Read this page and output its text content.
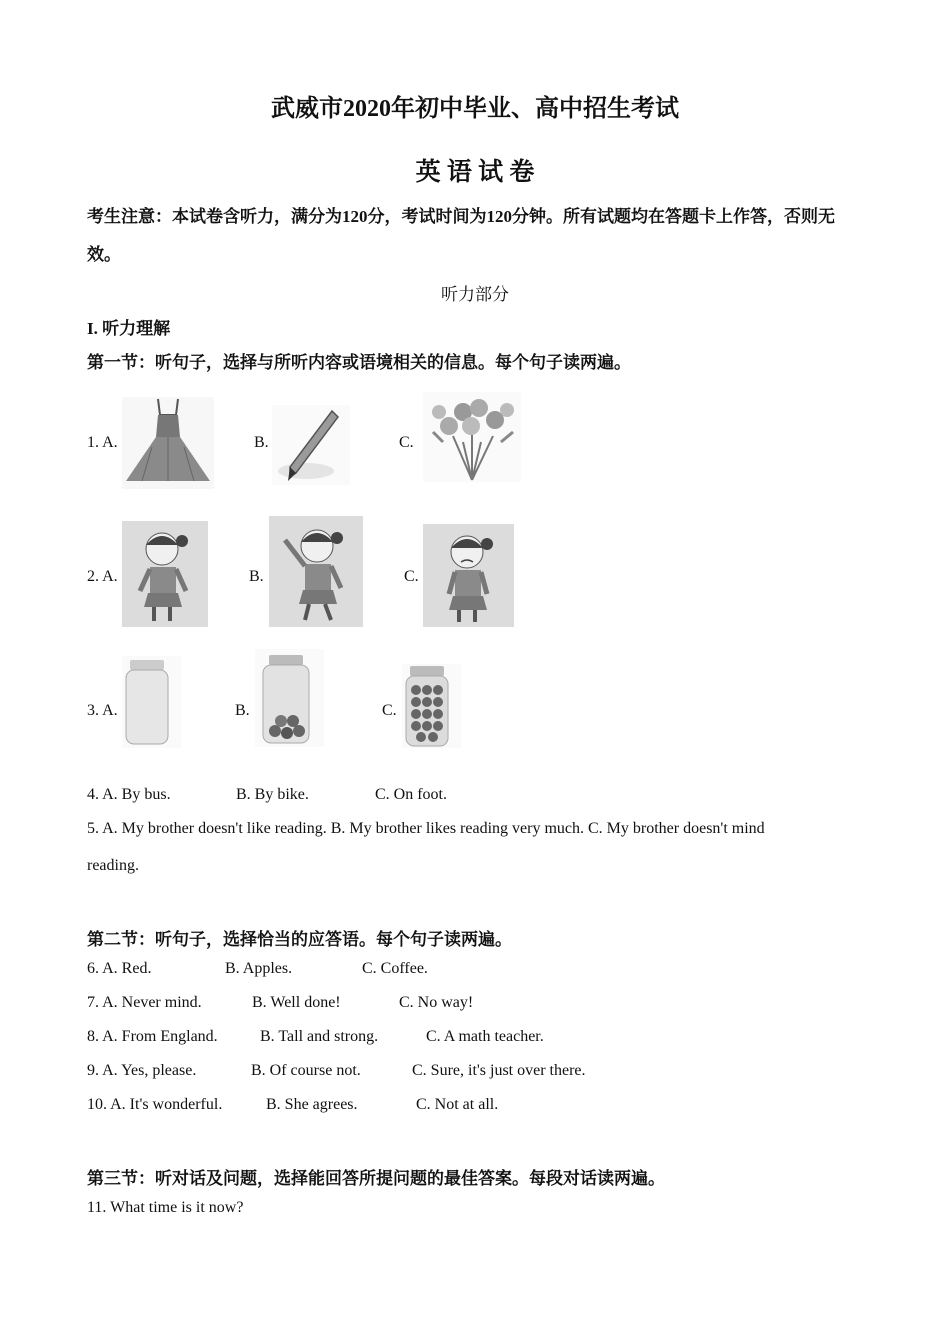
武威市2020年初中毕业、高中招生考试
英 语 试 卷
考生注意：本试卷含听力，满分为120分，考试时间为120分钟。所有试题均在答题卡上作答，否则无效。
听力部分
I. 听力理解
第一节：听句子，选择与所听内容或语境相关的信息。每个句子读两遍。
1. A.	B.	C.
2. A.	B.	C.
3. A.	B.	C.
4. A. By bus.	B. By bike.	C. On foot.
5. A. My brother doesn't like reading. B. My brother likes reading very much. C. My brother doesn't mind
reading.
第二节：听句子，选择恰当的应答语。每个句子读两遍。
6. A. Red.	B. Apples.	C. Coffee.
7. A. Never mind.	B. Well done!	C. No way!
8. A. From England.	B. Tall and strong.	C. A math teacher.
9. A. Yes, please.	B. Of course not.	C. Sure, it's just over there.
10. A. It's wonderful.	B. She agrees.	C. Not at all.
第三节：听对话及问题，选择能回答所提问题的最佳答案。每段对话读两遍。
11. What time is it now?
